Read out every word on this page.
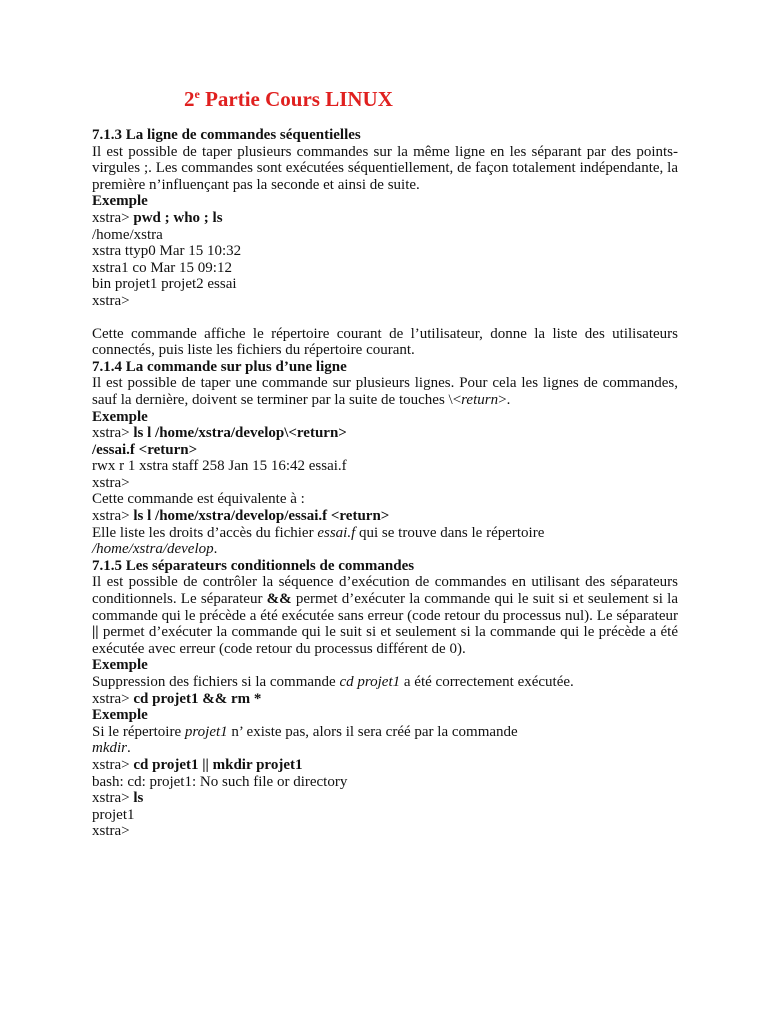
2e Partie Cours LINUX

7.1.3 La ligne de commandes séquentielles

Il est possible de taper plusieurs commandes sur la même ligne en les séparant par des points-virgules ;. Les commandes sont exécutées séquentiellement, de façon totalement indépendante, la première n’influençant pas la seconde et ainsi de suite.

Exemple

xstra> pwd ; who ; ls

/home/xstra

xstra ttyp0 Mar 15 10:32

xstra1 co Mar 15 09:12

bin projet1 projet2 essai

xstra>

Cette commande affiche le répertoire courant de l’utilisateur, donne la liste des utilisateurs connectés, puis liste les fichiers du répertoire courant.

7.1.4 La commande sur plus d’une ligne

Il est possible de taper une commande sur plusieurs lignes. Pour cela les lignes de commandes, sauf la dernière, doivent se terminer par la suite de touches \<return>.

Exemple

xstra> ls l /home/xstra/develop\<return>

/essai.f <return>

rwx r 1 xstra staff 258 Jan 15 16:42 essai.f

xstra>

Cette commande est équivalente à :

xstra> ls l /home/xstra/develop/essai.f <return>

Elle liste les droits d’accès du fichier essai.f qui se trouve dans le répertoire

/home/xstra/develop.

7.1.5 Les séparateurs conditionnels de commandes

Il est possible de contrôler la séquence d’exécution de commandes en utilisant des séparateurs conditionnels. Le séparateur && permet d’exécuter la commande qui le suit si et seulement si la commande qui le précède a été exécutée sans erreur (code retour du processus nul). Le séparateur || permet d’exécuter la commande qui le suit si et seulement si la commande qui le précède a été exécutée avec erreur (code retour du processus différent de 0).

Exemple

Suppression des fichiers si la commande cd projet1 a été correctement exécutée.

xstra> cd projet1 && rm *

Exemple

Si le répertoire projet1 n’ existe pas, alors il sera créé par la commande

mkdir.

xstra> cd projet1 || mkdir projet1

bash: cd: projet1: No such file or directory

xstra> ls

projet1

xstra>
